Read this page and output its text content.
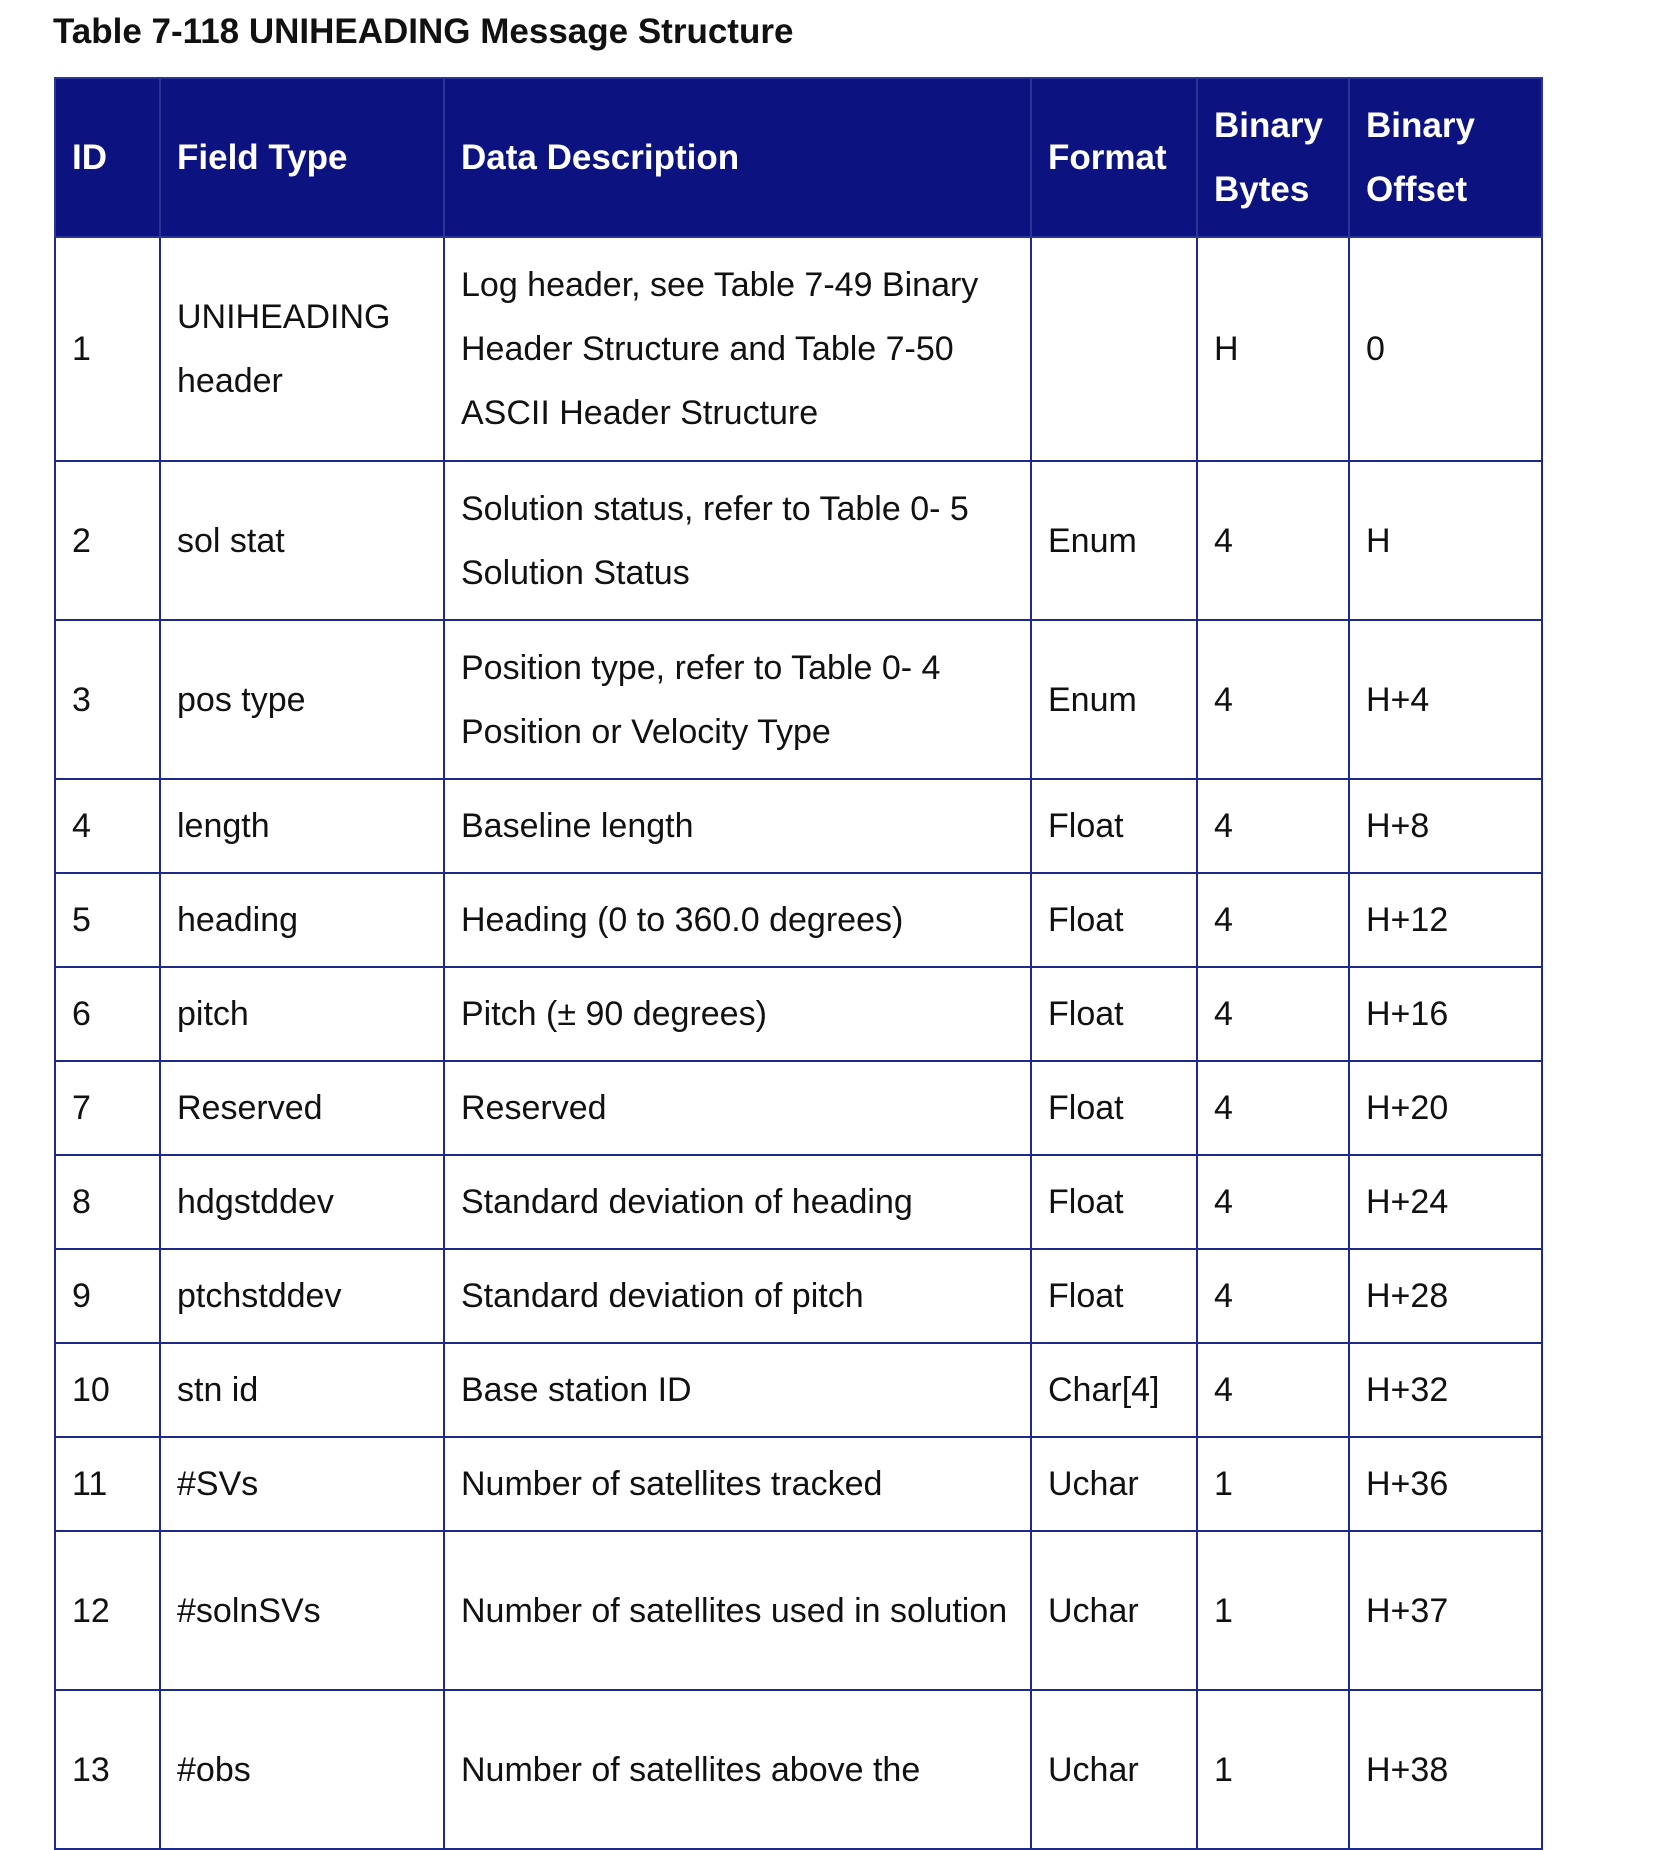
Table 7-118 UNIHEADING Message Structure
ID	Field Type	Data Description	Format	Binary Bytes	Binary Offset
1	UNIHEADING header	Log header, see Table 7-49 Binary Header Structure and Table 7-50 ASCII Header Structure		H	0
2	sol stat	Solution status, refer to Table 0- 5 Solution Status	Enum	4	H
3	pos type	Position type, refer to Table 0- 4 Position or Velocity Type	Enum	4	H+4
4	length	Baseline length	Float	4	H+8
5	heading	Heading (0 to 360.0 degrees)	Float	4	H+12
6	pitch	Pitch (± 90 degrees)	Float	4	H+16
7	Reserved	Reserved	Float	4	H+20
8	hdgstddev	Standard deviation of heading	Float	4	H+24
9	ptchstddev	Standard deviation of pitch	Float	4	H+28
10	stn id	Base station ID	Char[4]	4	H+32
11	#SVs	Number of satellites tracked	Uchar	1	H+36
12	#solnSVs	Number of satellites used in solution	Uchar	1	H+37
13	#obs	Number of satellites above the	Uchar	1	H+38
